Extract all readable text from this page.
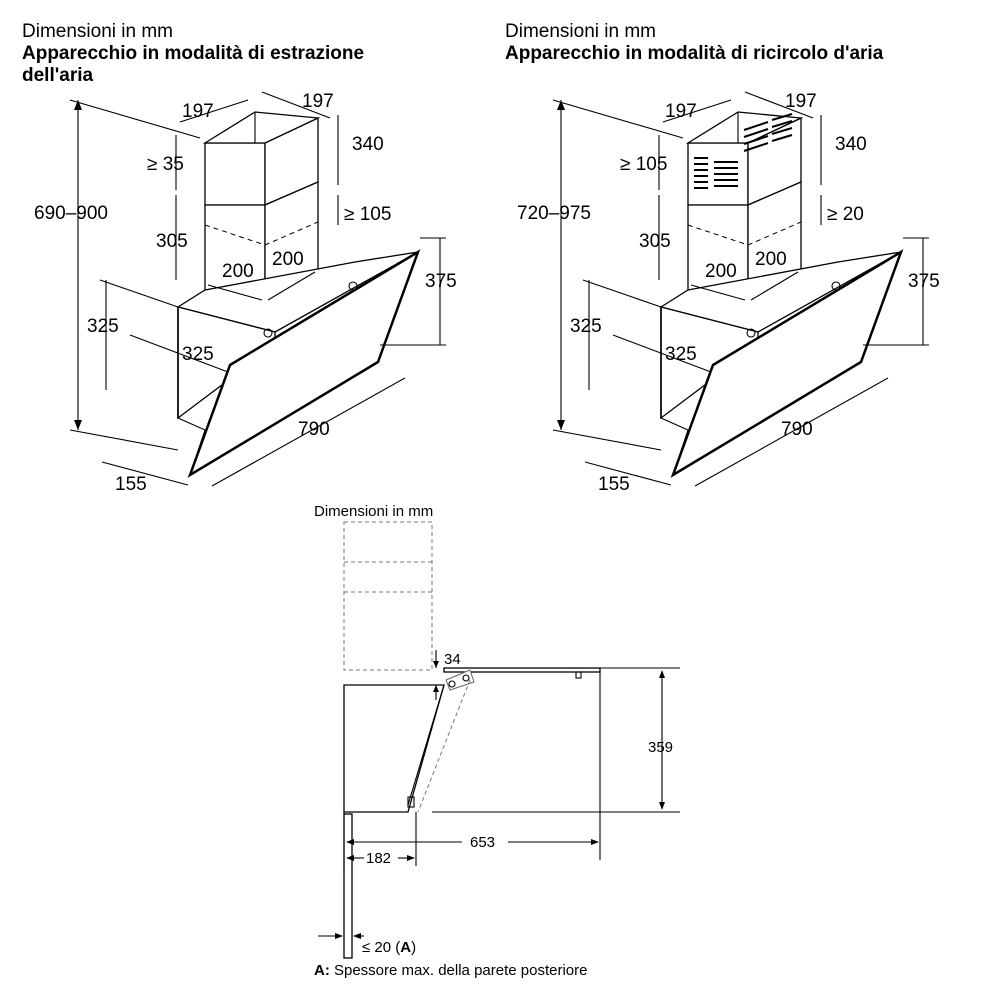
Dimensioni in mm
Apparecchio in modalità di estrazione
dell'aria
Dimensioni in mm
Apparecchio in modalità di ricircolo d'aria
690–900
197	197
≥ 35
340
≥ 105
305
200
200
375
325
325
790
155
720–975
197	197
≥ 105
340
≥ 20
305
200
200
375
325
325
790
155
Dimensioni in mm
34
359
653
182
≤ 20 (A)
A: Spessore max. della parete posteriore
